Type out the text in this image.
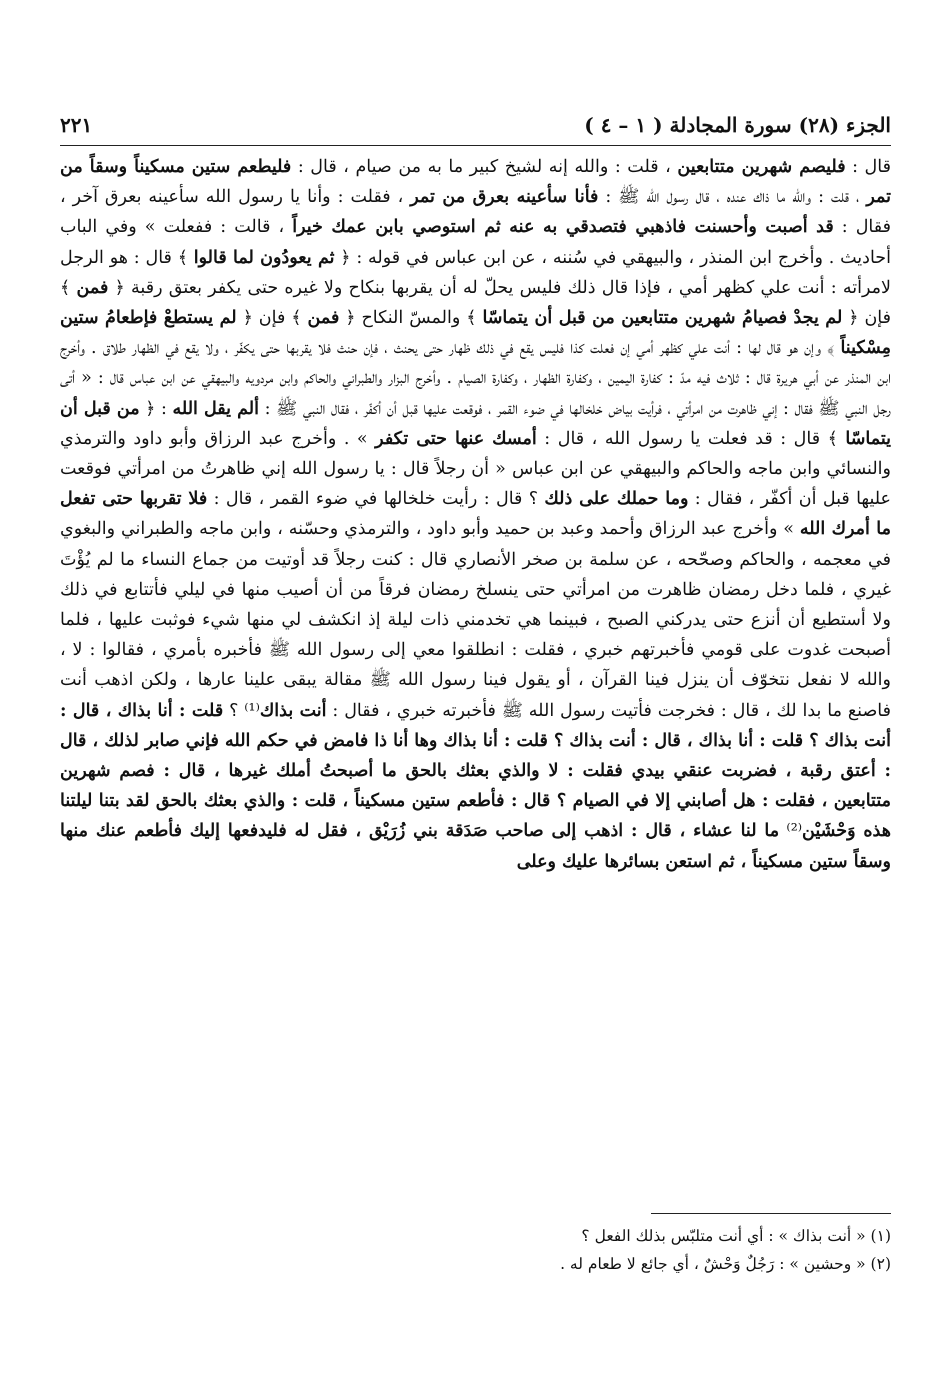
الجزء (٢٨) سورة المجادلة ( ١ – ٤ )
٢٢١

قال : فليصم شهرين متتابعين ، قلت : والله إنه لشيخ كبير ما به من صيام ، قال : فليطعم ستين مسكيناً وسقاً من تمر ، قلت : والله ما ذاك عنده ، قال رسول الله ﷺ : فأنا سأعينه بعرق من تمر ، فقلت : وأنا يا رسول الله سأعينه بعرق آخر ، فقال : قد أصبت وأحسنت فاذهبي فتصدقي به عنه ثم استوصي بابن عمك خيراً ، قالت : ففعلت » وفي الباب أحاديث . وأخرج ابن المنذر ، والبيهقي في سُننه ، عن ابن عباس في قوله : ﴿ ثم يعودُون لما قالوا ﴾ قال : هو الرجل لامرأته : أنت علي كظهر أمي ، فإذا قال ذلك فليس يحلّ له أن يقربها بنكاح ولا غيره حتى يكفر بعتق رقبة ﴿ فمن ﴾ فإن ﴿ لم يجدْ فصيامُ شهرين متتابعين من قبل أن يتماسّا ﴾ والمسّ النكاح ﴿ فمن ﴾ فإن ﴿ لم يستطعْ فإطعامُ ستين مِسْكيناً ﴾ وإن هو قال لها : أنت علي كظهر أمي إن فعلت كذا فليس يقع في ذلك ظهار حتى يحنث ، فإن حنث فلا يقربها حتى يكفّر ، ولا يقع في الظهار طلاق . وأخرج ابن المنذر عن أبي هريرة قال : ثلاث فيه مدّ : كفارة اليمين ، وكفارة الظهار ، وكفارة الصيام . وأخرج البزار والطبراني والحاكم وابن مردويه والبيهقي عن ابن عباس قال : « أتى رجل النبي ﷺ فقال : إني ظاهرت من امرأتي ، فرأيت بياض خلخالها في ضوء القمر ، فوقعت عليها قبل أن أكفّر ، فقال النبي ﷺ : ألم يقل الله : ﴿ من قبل أن يتماسّا ﴾ قال : قد فعلت يا رسول الله ، قال : أمسك عنها حتى تكفر » . وأخرج عبد الرزاق وأبو داود والترمذي والنسائي وابن ماجه والحاكم والبيهقي عن ابن عباس « أن رجلاً قال : يا رسول الله إني ظاهرتُ من امرأتي فوقعت عليها قبل أن أكفّر ، فقال : وما حملك على ذلك ؟ قال : رأيت خلخالها في ضوء القمر ، قال : فلا تقربها حتى تفعل ما أمرك الله » وأخرج عبد الرزاق وأحمد وعبد بن حميد وأبو داود ، والترمذي وحسّنه ، وابن ماجه والطبراني والبغوي في معجمه ، والحاكم وصحّحه ، عن سلمة بن صخر الأنصاري قال : كنت رجلاً قد أوتيت من جماع النساء ما لم يُؤْتَ غيري ، فلما دخل رمضان ظاهرت من امرأتي حتى ينسلخ رمضان فرقاً من أن أصيب منها في ليلي فأتتابع في ذلك ولا أستطيع أن أنزع حتى يدركني الصبح ، فبينما هي تخدمني ذات ليلة إذ انكشف لي منها شيء فوثبت عليها ، فلما أصبحت غدوت على قومي فأخبرتهم خبري ، فقلت : انطلقوا معي إلى رسول الله ﷺ فأخبره بأمري ، فقالوا : لا ، والله لا نفعل نتخوّف أن ينزل فينا القرآن ، أو يقول فينا رسول الله ﷺ مقالة يبقى علينا عارها ، ولكن اذهب أنت فاصنع ما بدا لك ، قال : فخرجت فأتيت رسول الله ﷺ فأخبرته خبري ، فقال : أنت بذاك⁽¹⁾ ؟ قلت : أنا بذاك ، قال : أنت بذاك ؟ قلت : أنا بذاك ، قال : أنت بذاك ؟ قلت : أنا بذاك وها أنا ذا فامض في حكم الله فإني صابر لذلك ، قال : أعتق رقبة ، فضربت عنقي بيدي فقلت : لا والذي بعثك بالحق ما أصبحتُ أملك غيرها ، قال : فصم شهرين متتابعين ، فقلت : هل أصابني إلا في الصيام ؟ قال : فأطعم ستين مسكيناً ، قلت : والذي بعثك بالحق لقد بتنا ليلتنا هذه وَحْشَيْن⁽²⁾ ما لنا عشاء ، قال : اذهب إلى صاحب صَدَقة بني زُرَيْق ، فقل له فليدفعها إليك فأطعم عنك منها وسقاً ستين مسكيناً ، ثم استعن بسائرها عليك وعلى

(١) « أنت بذاك » : أي أنت متلبّس بذلك الفعل ؟
(٢) « وحشين » : رَجُلٌ وَحْشٌ ، أي جائع لا طعام له .
